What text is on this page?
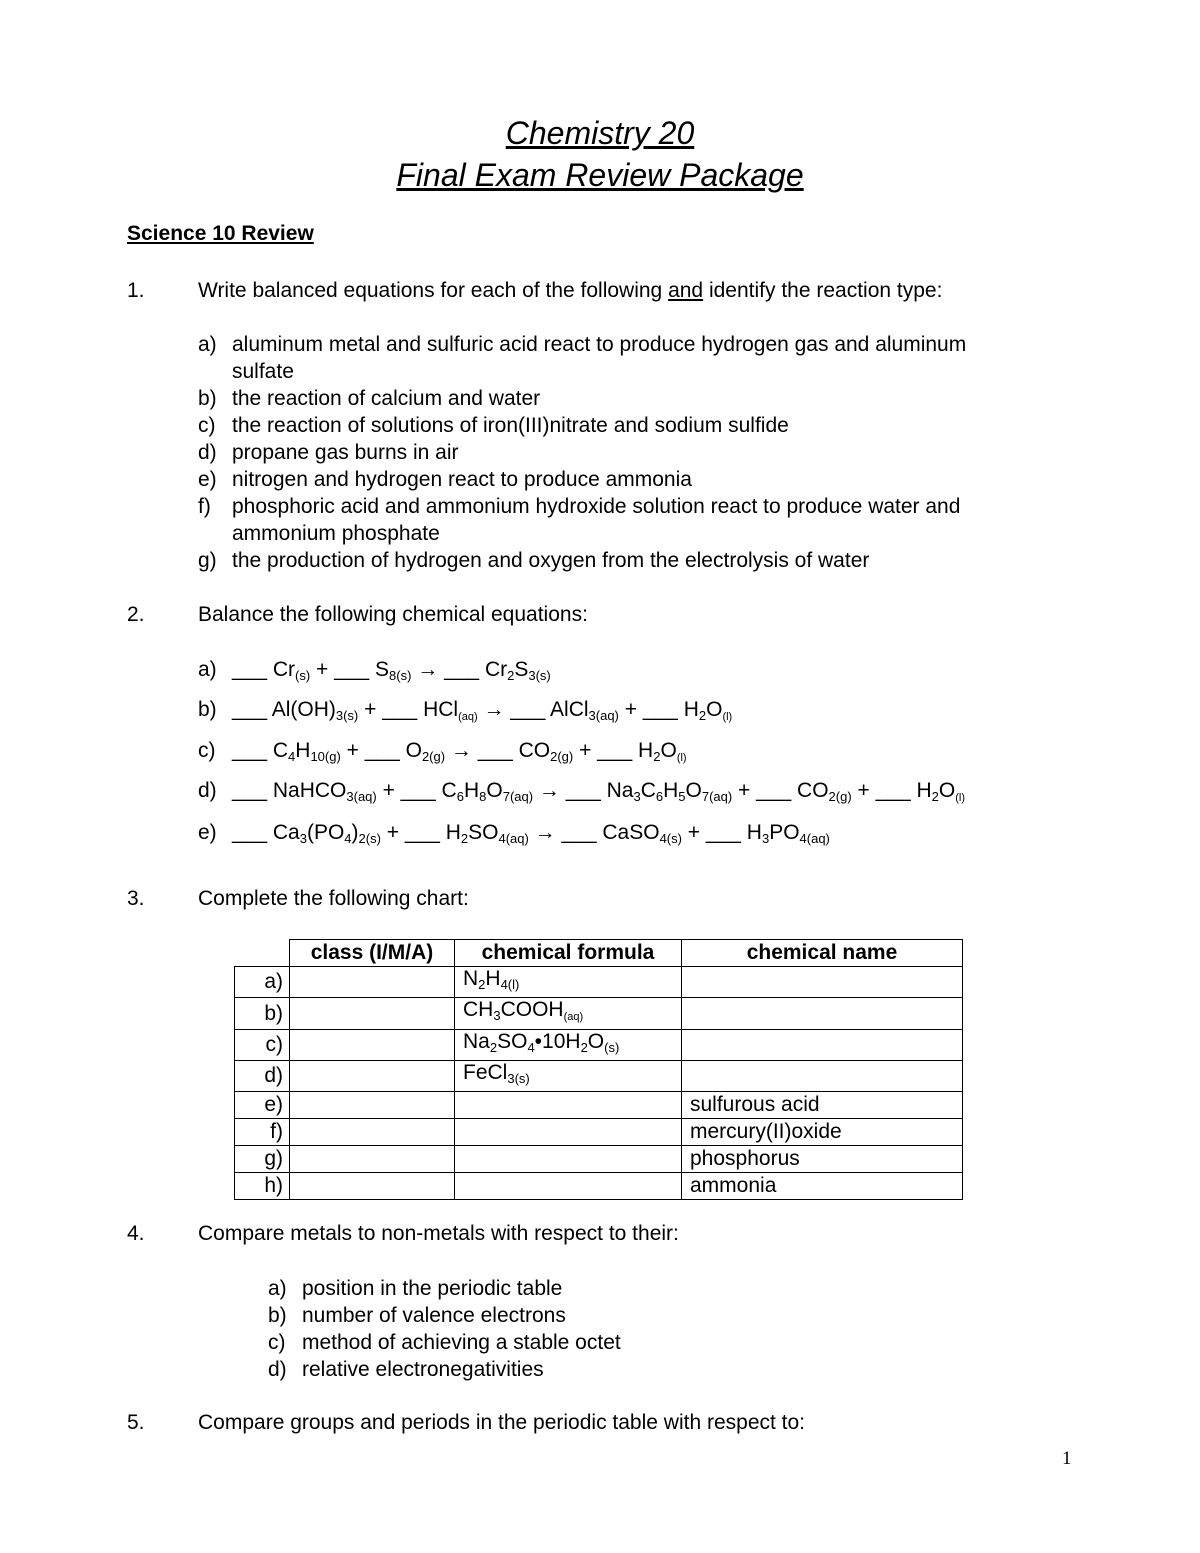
Chemistry 20
Final Exam Review Package
Science 10 Review
1.	Write balanced equations for each of the following and identify the reaction type:
a) aluminum metal and sulfuric acid react to produce hydrogen gas and aluminum
sulfate
b) the reaction of calcium and water
c) the reaction of solutions of iron(III)nitrate and sodium sulfide
d) propane gas burns in air
e) nitrogen and hydrogen react to produce ammonia
f) phosphoric acid and ammonium hydroxide solution react to produce water and
ammonium phosphate
g) the production of hydrogen and oxygen from the electrolysis of water
2.	Balance the following chemical equations:
a) ___ $Cr_{(s)}$ + ___ $S_{8(s)}$ → ___ $Cr_2S_{3(s)}$
b) ___ $Al(OH)_{3(s)}$ + ___ HCl$_{(aq)}$ → ___ AlCl$_{3(aq)}$ + ___ $H_2O_{(l)}$
c) ___ $C_4H_{10(g)}$ + ___ $O_{2(g)}$ → ___ $CO_{2(g)}$ + ___ $H_2O_{(l)}$
d) ___ NaHCO$_{3(aq)}$ + ___ $C_6H_8O_{7(aq)}$ → ___ $Na_3C_6H_5O_{7(aq)}$ + ___ $CO_{2(g)}$ + ___ $H_2O_{(l)}$
e) ___ $Ca_3(PO_4)_{2(s)}$ + ___ $H_2SO_{4(aq)}$ → ___ CaSO$_{4(s)}$ + ___ $H_3PO_{4(aq)}$
3.	Complete the following chart:
	class (I/M/A)	chemical formula	chemical name
a)		$N_2H_{4(l)}$	
b)		$CH_3COOH_{(aq)}$	
c)		$Na_2SO_4•10H_2O_{(s)}$	
d)		FeCl$_{3(s)}$	
e)			sulfurous acid
f)			mercury(II)oxide
g)			phosphorus
h)			ammonia
4.	Compare metals to non-metals with respect to their:
a) position in the periodic table
b) number of valence electrons
c) method of achieving a stable octet
d) relative electronegativities
5.	Compare groups and periods in the periodic table with respect to:
1
